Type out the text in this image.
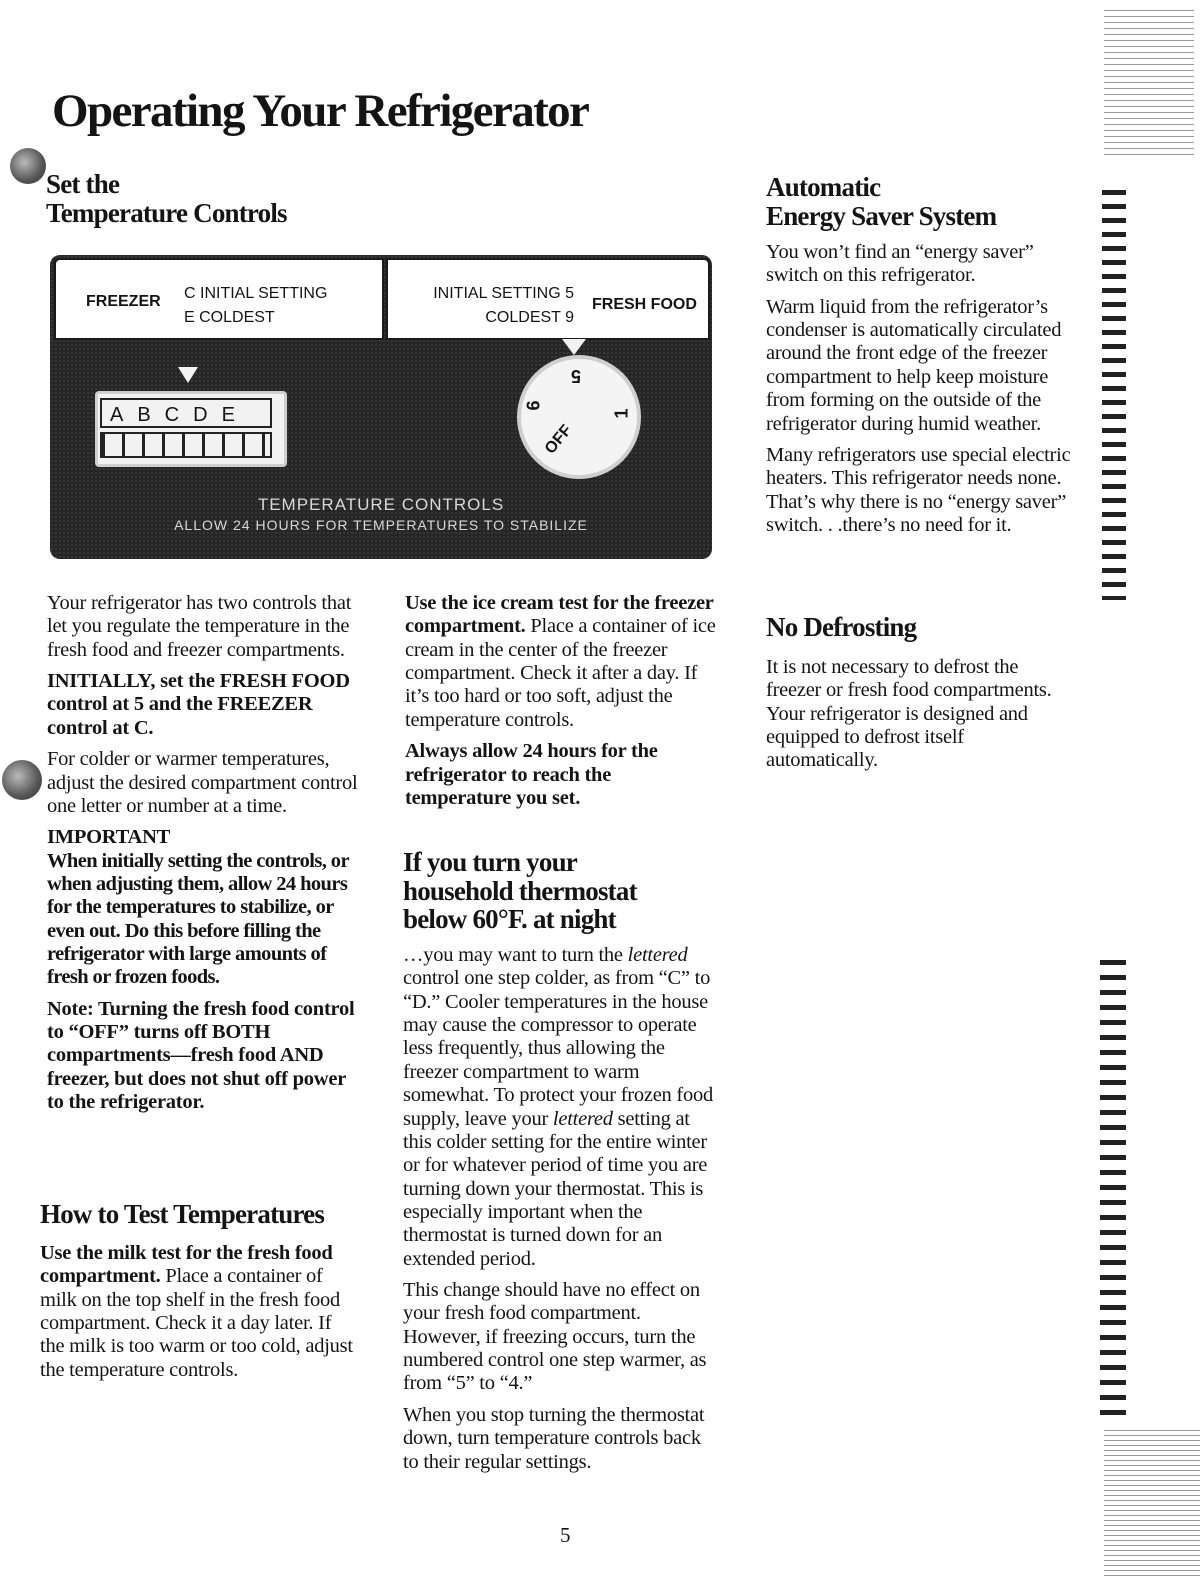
Operating Your Refrigerator
Set the
Temperature Controls
FREEZER C INITIAL SETTING
E COLDEST
INITIAL SETTING 5
COLDEST 9
FRESH FOOD
ABCDE
5
1
9
OFF
TEMPERATURE CONTROLS
ALLOW 24 HOURS FOR TEMPERATURES TO STABILIZE

Your refrigerator has two controls that let you regulate the temperature in the fresh food and freezer compartments.

INITIALLY, set the FRESH FOOD control at 5 and the FREEZER control at C.

For colder or warmer temperatures, adjust the desired compartment control one letter or number at a time.

IMPORTANT

When initially setting the controls, or when adjusting them, allow 24 hours for the temperatures to stabilize, or even out. Do this before filling the refrigerator with large amounts of fresh or frozen foods.

Note: Turning the fresh food control to “OFF” turns off BOTH compartments—fresh food AND freezer, but does not shut off power to the refrigerator.

How to Test Temperatures

Use the milk test for the fresh food compartment. Place a container of milk on the top shelf in the fresh food compartment. Check it a day later. If the milk is too warm or too cold, adjust the temperature controls.

Use the ice cream test for the freezer compartment. Place a container of ice cream in the center of the freezer compartment. Check it after a day. If it’s too hard or too soft, adjust the temperature controls.

Always allow 24 hours for the refrigerator to reach the temperature you set.

If you turn your
household thermostat
below 60°F. at night

…you may want to turn the lettered control one step colder, as from “C” to “D.” Cooler temperatures in the house may cause the compressor to operate less frequently, thus allowing the freezer compartment to warm somewhat. To protect your frozen food supply, leave your lettered setting at this colder setting for the entire winter or for whatever period of time you are turning down your thermostat. This is especially important when the thermostat is turned down for an extended period.

This change should have no effect on your fresh food compartment. However, if freezing occurs, turn the numbered control one step warmer, as from “5” to “4.”

When you stop turning the thermostat down, turn temperature controls back to their regular settings.

Automatic
Energy Saver System

You won’t find an “energy saver” switch on this refrigerator.

Warm liquid from the refrigerator’s condenser is automatically circulated around the front edge of the freezer compartment to help keep moisture from forming on the outside of the refrigerator during humid weather.

Many refrigerators use special electric heaters. This refrigerator needs none. That’s why there is no “energy saver” switch. . .there’s no need for it.

No Defrosting

It is not necessary to defrost the freezer or fresh food compartments. Your refrigerator is designed and equipped to defrost itself automatically.

5
